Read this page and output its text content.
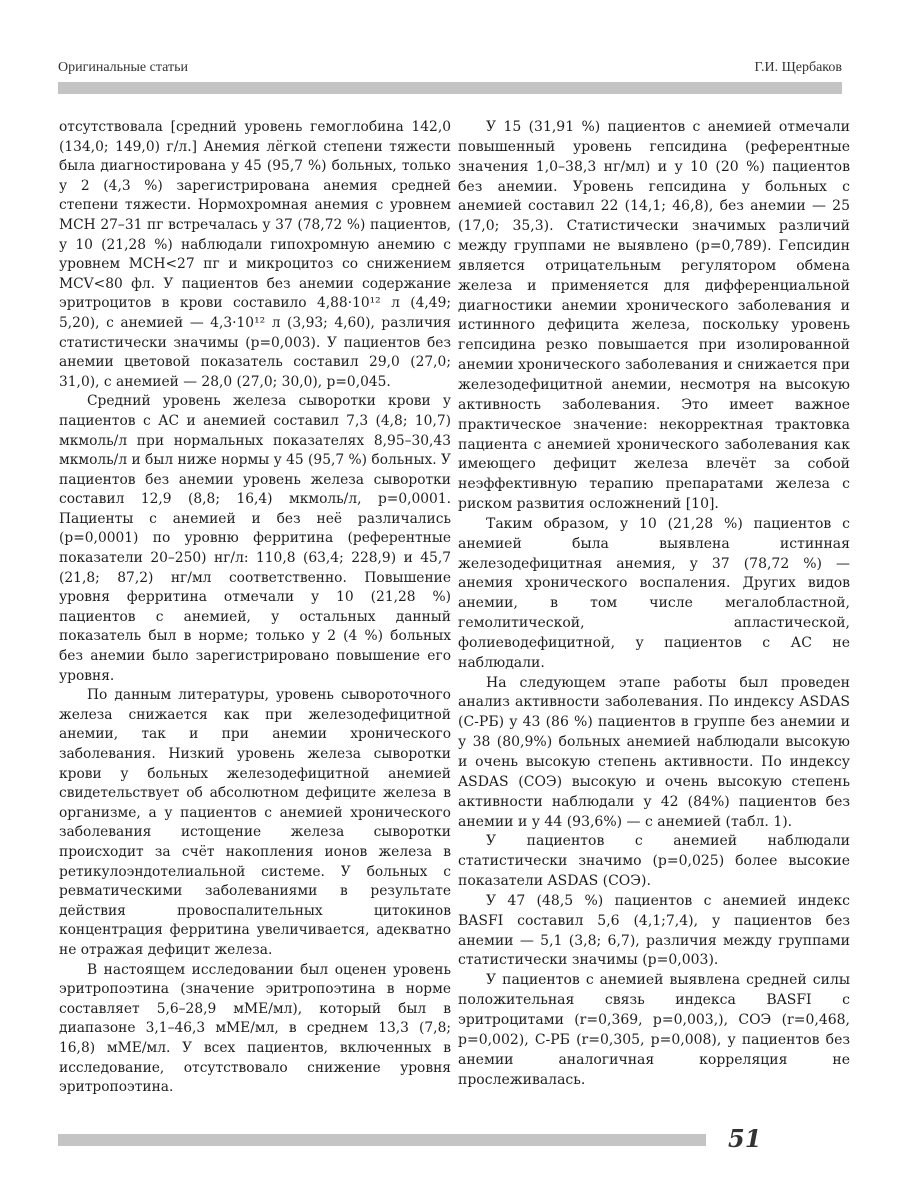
Оригинальные статьи	Г.И. Щербаков

отсутствовала [средний уровень гемоглобина 142,0 (134,0; 149,0) г/л.] Анемия лёгкой степени тяжести была диагностирована у 45 (95,7 %) больных, только у 2 (4,3 %) зарегистрирована анемия средней степени тяжести. Нормохромная анемия с уровнем MCH 27–31 пг встречалась у 37 (78,72 %) пациентов, у 10 (21,28 %) наблюдали гипохромную анемию с уровнем MCH<27 пг и микроцитоз со снижением MCV<80 фл. У пациентов без анемии содержание эритроцитов в крови составило 4,88·10¹² л (4,49; 5,20), с анемией — 4,3·10¹² л (3,93; 4,60), различия статистически значимы (p=0,003). У пациентов без анемии цветовой показатель составил 29,0 (27,0; 31,0), с анемией — 28,0 (27,0; 30,0), p=0,045.

Средний уровень железа сыворотки крови у пациентов с АС и анемией составил 7,3 (4,8; 10,7) мкмоль/л при нормальных показателях 8,95–30,43 мкмоль/л и был ниже нормы у 45 (95,7 %) больных. У пациентов без анемии уровень железа сыворотки составил 12,9 (8,8; 16,4) мкмоль/л, p=0,0001. Пациенты с анемией и без неё различались (p=0,0001) по уровню ферритина (референтные показатели 20–250) нг/л: 110,8 (63,4; 228,9) и 45,7 (21,8; 87,2) нг/мл соответственно. Повышение уровня ферритина отмечали у 10 (21,28 %) пациентов с анемией, у остальных данный показатель был в норме; только у 2 (4 %) больных без анемии было зарегистрировано повышение его уровня.

По данным литературы, уровень сывороточного железа снижается как при железодефицитной анемии, так и при анемии хронического заболевания. Низкий уровень железа сыворотки крови у больных железодефицитной анемией свидетельствует об абсолютном дефиците железа в организме, а у пациентов с анемией хронического заболевания истощение железа сыворотки происходит за счёт накопления ионов железа в ретикулоэндотелиальной системе. У больных с ревматическими заболеваниями в результате действия провоспалительных цитокинов концентрация ферритина увеличивается, адекватно не отражая дефицит железа.

В настоящем исследовании был оценен уровень эритропоэтина (значение эритропоэтина в норме составляет 5,6–28,9 мМЕ/мл), который был в диапазоне 3,1–46,3 мМЕ/мл, в среднем 13,3 (7,8; 16,8) мМЕ/мл. У всех пациентов, включенных в исследование, отсутствовало снижение уровня эритропоэтина.

У 15 (31,91 %) пациентов с анемией отмечали повышенный уровень гепсидина (референтные значения 1,0–38,3 нг/мл) и у 10 (20 %) пациентов без анемии. Уровень гепсидина у больных с анемией составил 22 (14,1; 46,8), без анемии — 25 (17,0; 35,3). Статистически значимых различий между группами не выявлено (p=0,789). Гепсидин является отрицательным регулятором обмена железа и применяется для дифференциальной диагностики анемии хронического заболевания и истинного дефицита железа, поскольку уровень гепсидина резко повышается при изолированной анемии хронического заболевания и снижается при железодефицитной анемии, несмотря на высокую активность заболевания. Это имеет важное практическое значение: некорректная трактовка пациента с анемией хронического заболевания как имеющего дефицит железа влечёт за собой неэффективную терапию препаратами железа с риском развития осложнений [10].

Таким образом, у 10 (21,28 %) пациентов с анемией была выявлена истинная железодефицитная анемия, у 37 (78,72 %) — анемия хронического воспаления. Других видов анемии, в том числе мегалобластной, гемолитической, апластической, фолиеводефицитной, у пациентов с АС не наблюдали.

На следующем этапе работы был проведен анализ активности заболевания. По индексу ASDAS (С-РБ) у 43 (86 %) пациентов в группе без анемии и у 38 (80,9%) больных анемией наблюдали высокую и очень высокую степень активности. По индексу ASDAS (СОЭ) высокую и очень высокую степень активности наблюдали у 42 (84%) пациентов без анемии и у 44 (93,6%) — с анемией (табл. 1).

У пациентов с анемией наблюдали статистически значимо (p=0,025) более высокие показатели ASDAS (СОЭ).

У 47 (48,5 %) пациентов с анемией индекс BASFI составил 5,6 (4,1;7,4), у пациентов без анемии — 5,1 (3,8; 6,7), различия между группами статистически значимы (p=0,003).

У пациентов с анемией выявлена средней силы положительная связь индекса BASFI с эритроцитами (r=0,369, p=0,003,), СОЭ (r=0,468, p=0,002), С-РБ (r=0,305, p=0,008), у пациентов без анемии аналогичная корреляция не прослеживалась.

51
